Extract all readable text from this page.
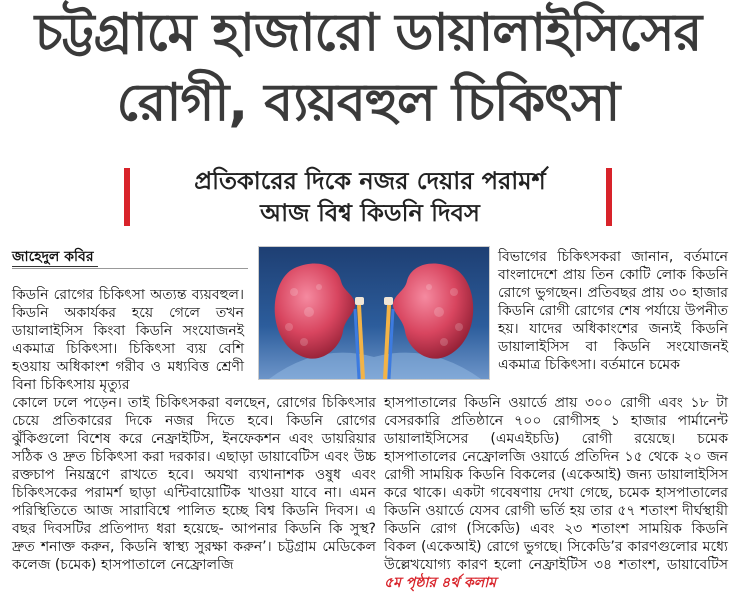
চট্টগ্রামে হাজারো ডায়ালাইসিসের
রোগী, ব্যয়বহুল চিকিৎসা
প্রতিকারের দিকে নজর দেয়ার পরামর্শ
আজ বিশ্ব কিডনি দিবস
জাহেদুল কবির

কিডনি রোগের চিকিৎসা অত্যন্ত ব্যয়বহুল। কিডনি অকার্যকর হয়ে গেলে তখন ডায়ালাইসিস কিংবা কিডনি সংযোজনই একমাত্র চিকিৎসা। চিকিৎসা ব্যয় বেশি হওয়ায় অধিকাংশ গরীব ও মধ্যবিত্ত শ্রেণী বিনা চিকিৎসায় মৃত্যুর

বিভাগের চিকিৎসকরা জানান, বর্তমানে বাংলাদেশে প্রায় তিন কোটি লোক কিডনি রোগে ভুগছেন। প্রতিবছর প্রায় ৩০ হাজার কিডনি রোগী রোগের শেষ পর্যায়ে উপনীত হয়। যাদের অধিকাংশের জন্যই কিডনি ডায়ালাইসিস বা কিডনি সংযোজনই একমাত্র চিকিৎসা। বর্তমানে চমেক

কোলে ঢলে পড়েন। তাই চিকিৎসকরা বলছেন, রোগের চিকিৎসার চেয়ে প্রতিকারের দিকে নজর দিতে হবে। কিডনি রোগের ঝুঁকিগুলো বিশেষ করে নেফ্রাইটিস, ইনফেকশন এবং ডায়রিয়ার সঠিক ও দ্রুত চিকিৎসা করা দরকার। এছাড়া ডায়াবেটিস এবং উচ্চ রক্তচাপ নিয়ন্ত্রণে রাখতে হবে। অযথা ব্যথানাশক ওষুধ এবং চিকিৎসকের পরামর্শ ছাড়া এন্টিবায়োটিক খাওয়া যাবে না। এমন পরিস্থিতিতে আজ সারাবিশ্বে পালিত হচ্ছে বিশ্ব কিডনি দিবস। এ বছর দিবসটির প্রতিপাদ্য ধরা হয়েছে- আপনার কিডনি কি সুস্থ? দ্রুত শনাক্ত করুন, কিডনি স্বাস্থ্য সুরক্ষা করুন’। চট্টগ্রাম মেডিকেল কলেজ (চমেক) হাসপাতালে নেফ্রোলজি

হাসপাতালের কিডনি ওয়ার্ডে প্রায় ৩০০ রোগী এবং ১৮ টা বেসরকারি প্রতিষ্ঠানে ৭০০ রোগীসহ ১ হাজার পার্মানেন্ট ডায়ালাইসিসের (এমএইচডি) রোগী রয়েছে। চমেক হাসপাতালের নেফ্রোলজি ওয়ার্ডে প্রতিদিন ১৫ থেকে ২০ জন রোগী সাময়িক কিডনি বিকলের (একেআই) জন্য ডায়ালাইসিস করে থাকে। একটা গবেষণায় দেখা গেছে, চমেক হাসপাতালের কিডনি ওয়ার্ডে যেসব রোগী ভর্তি হয় তার ৫৭ শতাংশ দীর্ঘস্থায়ী কিডনি রোগ (সিকেডি) এবং ২৩ শতাংশ সাময়িক কিডনি বিকল (একেআই) রোগে ভুগছে। সিকেডি’র কারণগুলোর মধ্যে উল্লেখযোগ্য কারণ হলো নেফ্রাইটিস ৩৪ শতাংশ, ডায়াবেটিস ৫ম পৃষ্ঠার ৪র্থ কলাম
